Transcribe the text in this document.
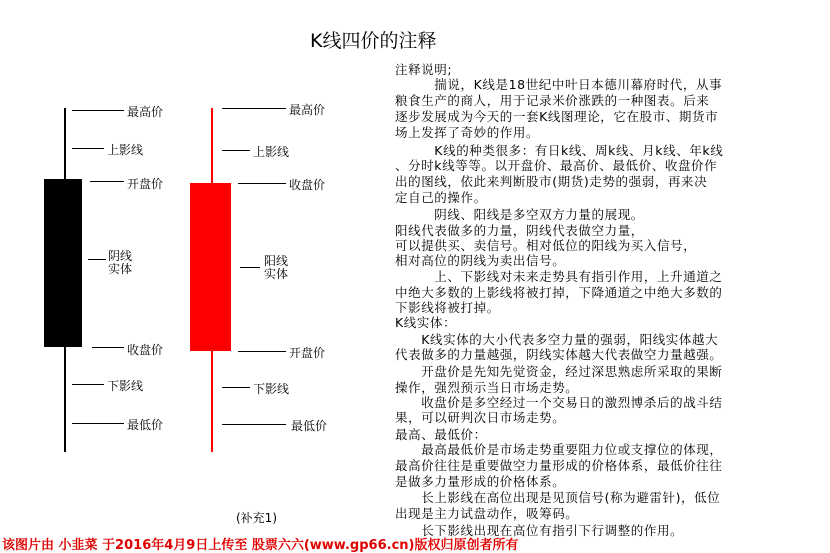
K线四价的注释
最高价
上影线
开盘价
阴线
实体
收盘价
下影线
最低价
最高价
上影线
收盘价
阳线
实体
开盘价
下影线
最低价
(补充1)
注释说明;
　　　揣说，K线是18世纪中叶日本德川幕府时代，从事
粮食生产的商人，用于记录米价涨跌的一种图表。后来
逐步发展成为今天的一套K线图理论，它在股市、期货市
场上发挥了奇妙的作用。
　　　K线的种类很多：有日k线、周k线、月k线、年k线
、分时k线等等。以开盘价、最高价、最低价、收盘价作
出的图线，依此来判断股市(期货)走势的强弱，再来决
定自己的操作。
　　　阴线、阳线是多空双方力量的展现。
阳线代表做多的力量，阴线代表做空力量，
可以提供买、卖信号。相对低位的阳线为买入信号，
相对高位的阴线为卖出信号。
　　　上、下影线对未来走势具有指引作用，上升通道之
中绝大多数的上影线将被打掉，下降通道之中绝大多数的
下影线将被打掉。
K线实体：
　　K线实体的大小代表多空力量的强弱，阳线实体越大
代表做多的力量越强，阴线实体越大代表做空力量越强。
　　开盘价是先知先觉资金，经过深思熟虑所采取的果断
操作，强烈预示当日市场走势。
　　收盘价是多空经过一个交易日的激烈博杀后的战斗结
果，可以研判次日市场走势。
最高、最低价：
　　最高最低价是市场走势重要阻力位或支撑位的体现，
最高价往往是重要做空力量形成的价格体系，最低价往往
是做多力量形成的价格体系。
　　长上影线在高位出现是见顶信号(称为避雷针)，低位
出现是主力试盘动作，吸筹码。
　　长下影线出现在高位有指引下行调整的作用。
该图片由 小韭菜 于2016年4月9日上传至 股票六六(www.gp66.cn)版权归原创者所有
